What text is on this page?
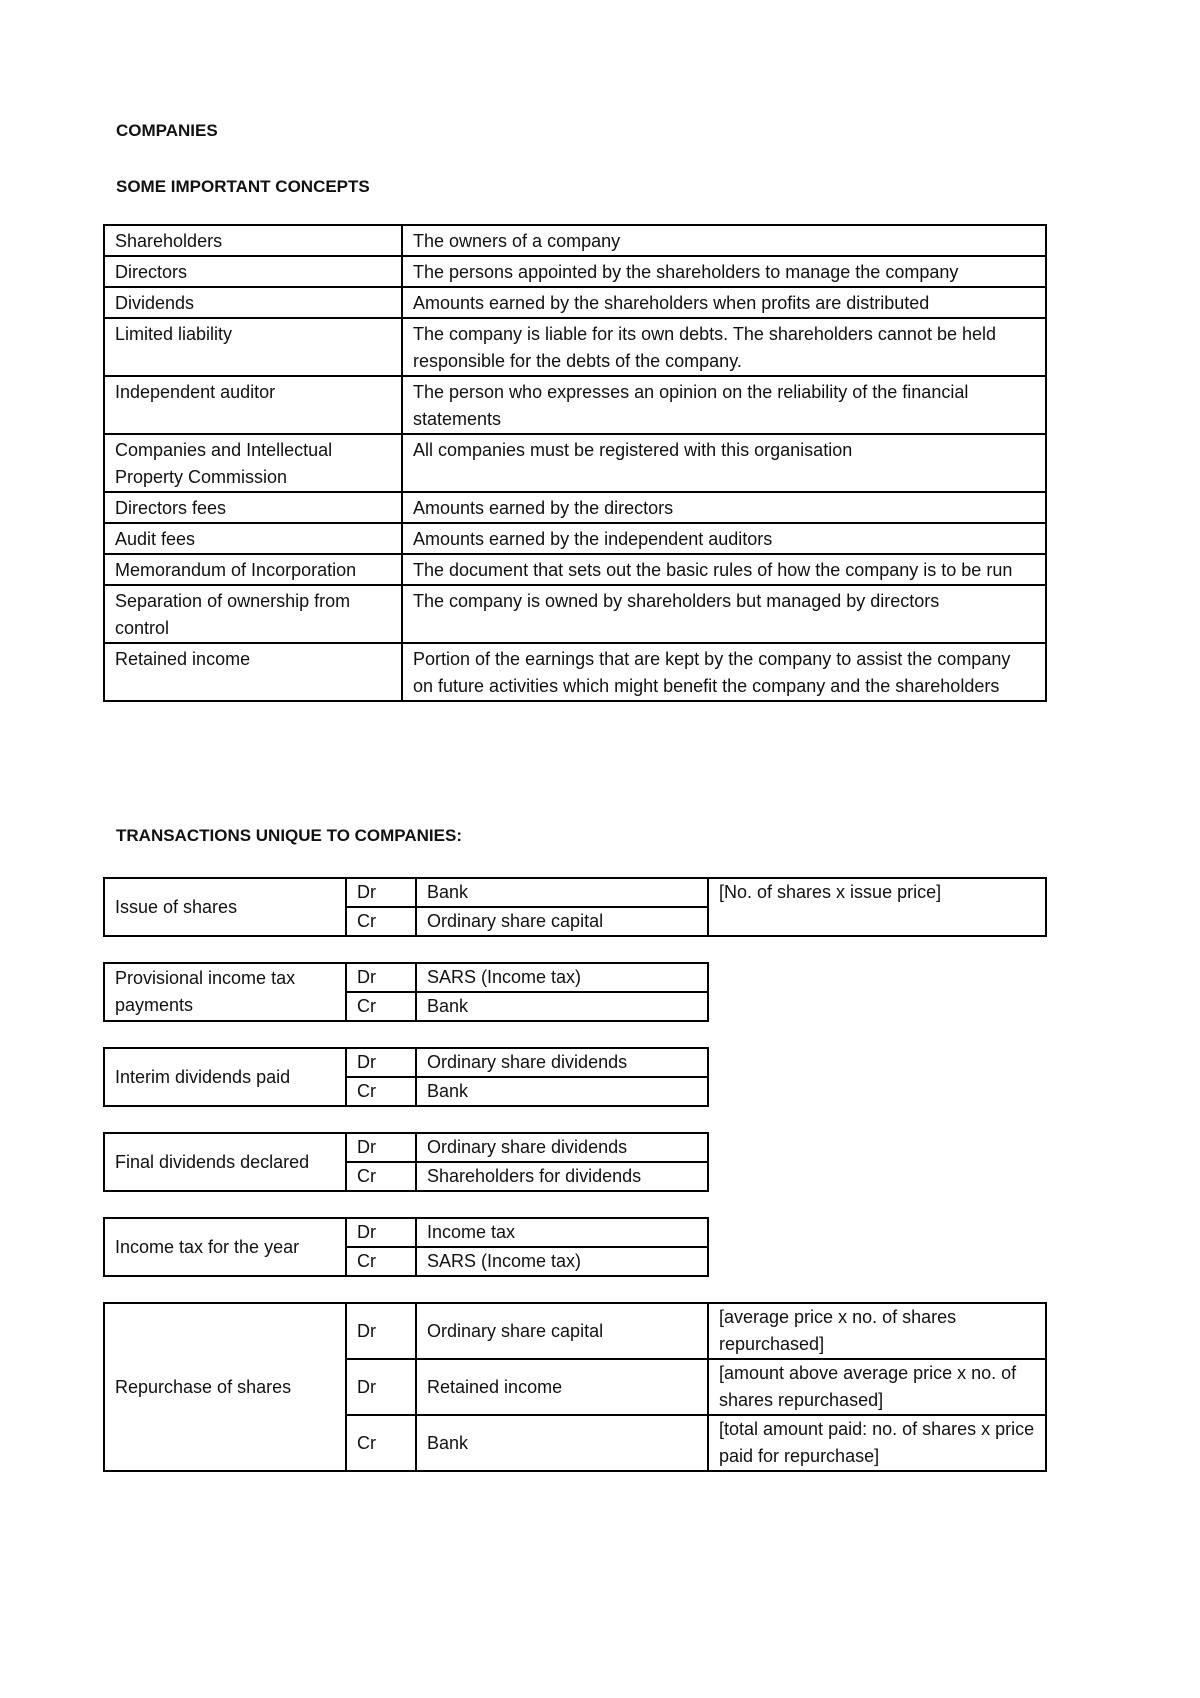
COMPANIES
SOME IMPORTANT CONCEPTS
Shareholders	The owners of a company
Directors	The persons appointed by the shareholders to manage the company
Dividends	Amounts earned by the shareholders when profits are distributed
Limited liability	The company is liable for its own debts. The shareholders cannot be held responsible for the debts of the company.
Independent auditor	The person who expresses an opinion on the reliability of the financial statements
Companies and Intellectual Property Commission	All companies must be registered with this organisation
Directors fees	Amounts earned by the directors
Audit fees	Amounts earned by the independent auditors
Memorandum of Incorporation	The document that sets out the basic rules of how the company is to be run
Separation of ownership from control	The company is owned by shareholders but managed by directors
Retained income	Portion of the earnings that are kept by the company to assist the company on future activities which might benefit the company and the shareholders
TRANSACTIONS UNIQUE TO COMPANIES:
Issue of shares	Dr	Bank	[No. of shares x issue price]
	Cr	Ordinary share capital	
Provisional income tax payments	Dr	SARS (Income tax)
	Cr	Bank
Interim dividends paid	Dr	Ordinary share dividends
	Cr	Bank
Final dividends declared	Dr	Ordinary share dividends
	Cr	Shareholders for dividends
Income tax for the year	Dr	Income tax
	Cr	SARS (Income tax)
Repurchase of shares	Dr	Ordinary share capital	[average price x no. of shares repurchased]
	Dr	Retained income	[amount above average price x no. of shares repurchased]
	Cr	Bank	[total amount paid: no. of shares x price paid for repurchase]
